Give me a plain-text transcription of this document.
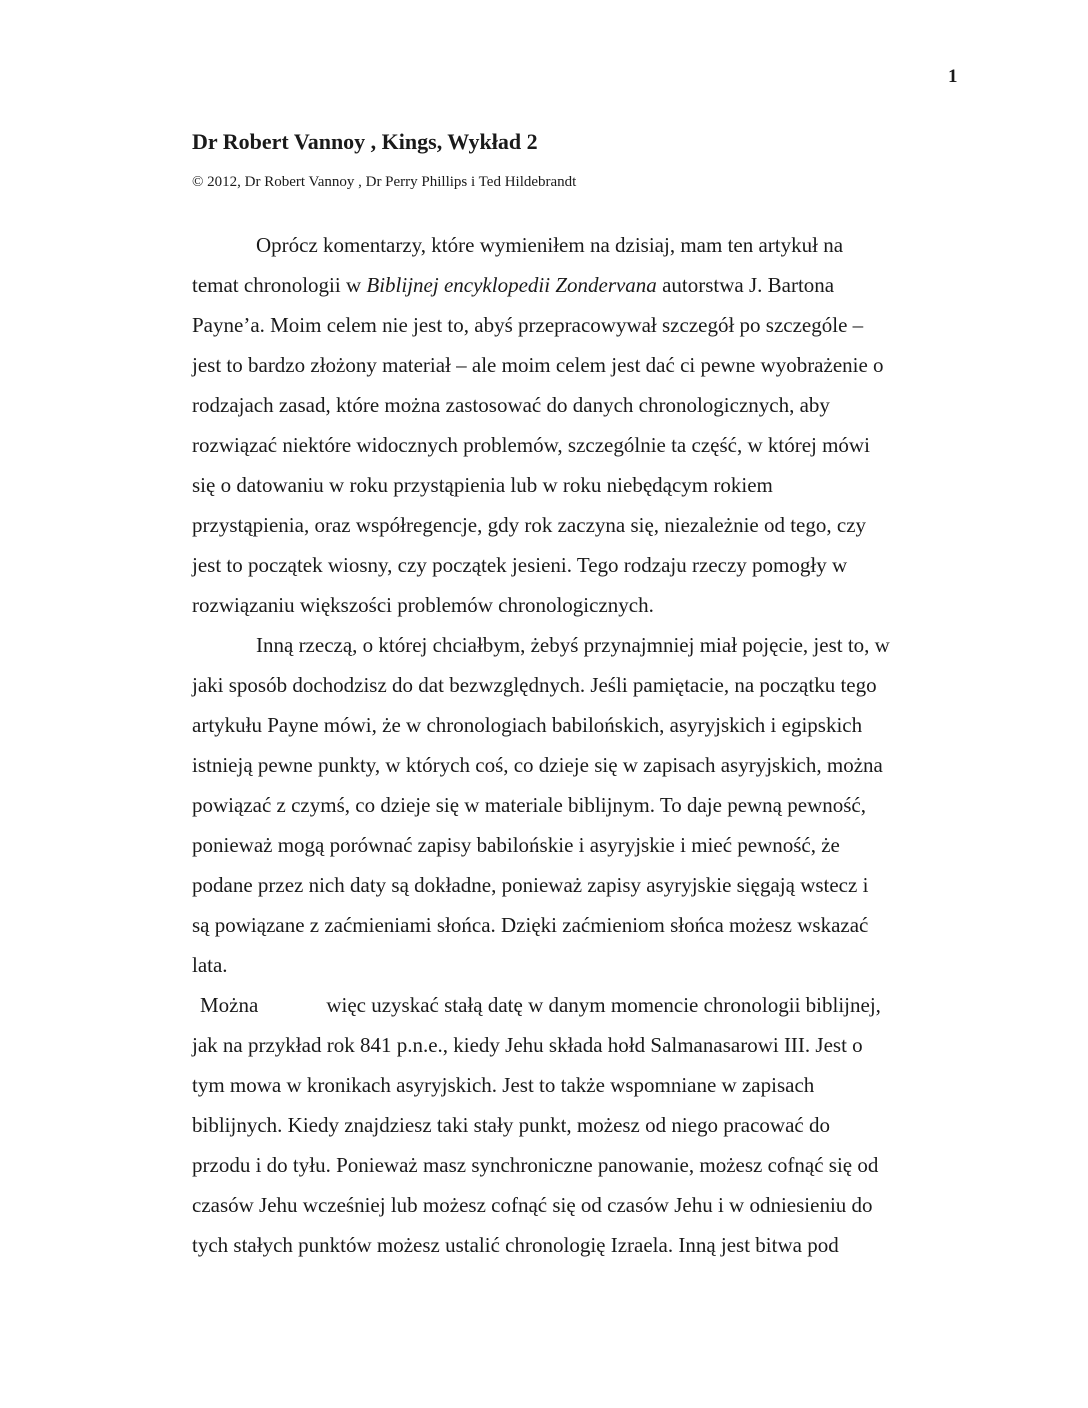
1
Dr Robert Vannoy , Kings, Wykład 2
© 2012, Dr Robert Vannoy , Dr Perry Phillips i Ted Hildebrandt
Oprócz komentarzy, które wymieniłem na dzisiaj, mam ten artykuł na
temat chronologii w Biblijnej encyklopedii Zondervana autorstwa J. Bartona
Payne’a. Moim celem nie jest to, abyś przepracowywał szczegół po szczególe –
jest to bardzo złożony materiał – ale moim celem jest dać ci pewne wyobrażenie o
rodzajach zasad, które można zastosować do danych chronologicznych, aby
rozwiązać niektóre widocznych problemów, szczególnie ta część, w której mówi
się o datowaniu w roku przystąpienia lub w roku niebędącym rokiem
przystąpienia, oraz współregencje, gdy rok zaczyna się, niezależnie od tego, czy
jest to początek wiosny, czy początek jesieni. Tego rodzaju rzeczy pomogły w
rozwiązaniu większości problemów chronologicznych.
Inną rzeczą, o której chciałbym, żebyś przynajmniej miał pojęcie, jest to, w
jaki sposób dochodzisz do dat bezwzględnych. Jeśli pamiętacie, na początku tego
artykułu Payne mówi, że w chronologiach babilońskich, asyryjskich i egipskich
istnieją pewne punkty, w których coś, co dzieje się w zapisach asyryjskich, można
powiązać z czymś, co dzieje się w materiale biblijnym. To daje pewną pewność,
ponieważ mogą porównać zapisy babilońskie i asyryjskie i mieć pewność, że
podane przez nich daty są dokładne, ponieważ zapisy asyryjskie sięgają wstecz i
są powiązane z zaćmieniami słońca. Dzięki zaćmieniom słońca możesz wskazać
lata.
Można	więc uzyskać stałą datę w danym momencie chronologii biblijnej,
jak na przykład rok 841 p.n.e., kiedy Jehu składa hołd Salmanasarowi III. Jest o
tym mowa w kronikach asyryjskich. Jest to także wspomniane w zapisach
biblijnych. Kiedy znajdziesz taki stały punkt, możesz od niego pracować do
przodu i do tyłu. Ponieważ masz synchroniczne panowanie, możesz cofnąć się od
czasów Jehu wcześniej lub możesz cofnąć się od czasów Jehu i w odniesieniu do
tych stałych punktów możesz ustalić chronologię Izraela. Inną jest bitwa pod
